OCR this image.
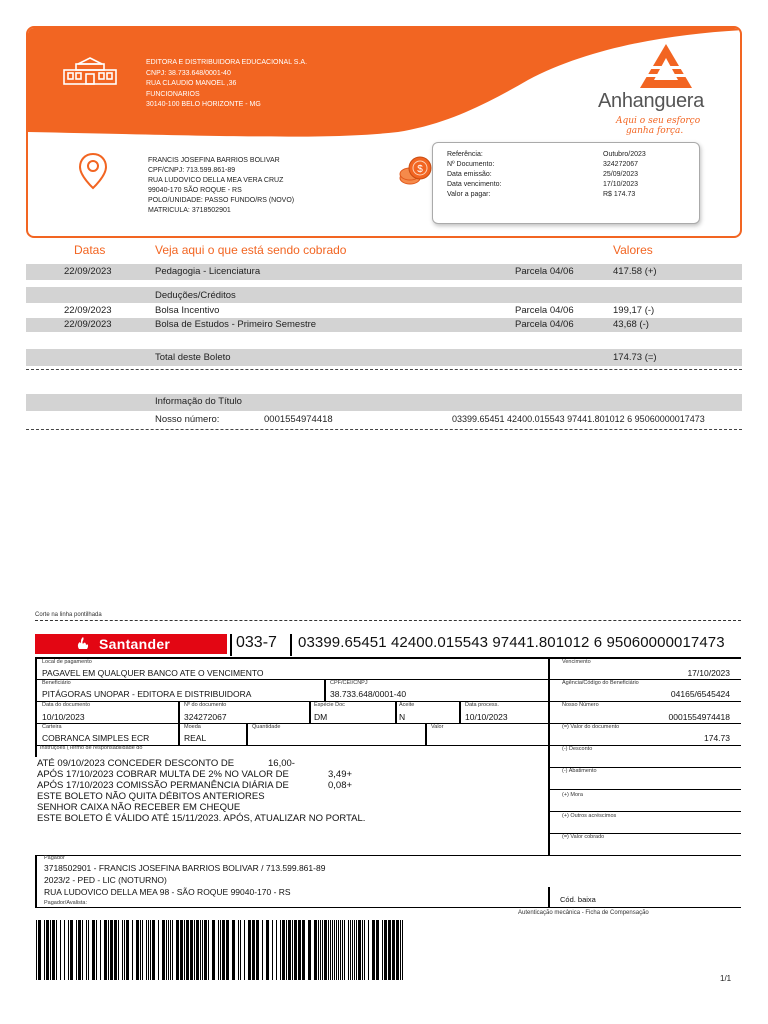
EDITORA E DISTRIBUIDORA EDUCACIONAL S.A.
CNPJ: 38.733.648/0001-40
RUA CLAUDIO MANOEL ,36
FUNCIONARIOS
30140-100 BELO HORIZONTE - MG	Anhanguera
Aqui o seu esforço
ganha força.
FRANCIS JOSEFINA BARRIOS BOLIVAR
CPF/CNPJ: 713.599.861-89
RUA LUDOVICO DELLA MEA VERA CRUZ
99040-170 SÃO ROQUE - RS
POLO/UNIDADE: PASSO FUNDO/RS (NOVO)
MATRICULA: 3718502901
$
Referência:	Outubro/2023
Nº Documento:	324272067
Data emissão:	25/09/2023
Data vencimento:	17/10/2023
Valor a pagar:	R$ 174.73
Datas	Veja aqui o que está sendo cobrado	Valores
22/09/2023	Pedagogia - Licenciatura	Parcela 04/06	417.58 (+)
Deduções/Créditos
22/09/2023	Bolsa Incentivo	Parcela 04/06	199,17 (-)
22/09/2023	Bolsa de Estudos - Primeiro Semestre	Parcela 04/06	43,68 (-)
Total deste Boleto	174.73 (=)
Informação do Título
Nosso número:	0001554974418	03399.65451 42400.015543 97441.801012 6 95060000017473
Corte na linha pontilhada
Santander	033-7 03399.65451 42400.015543 97441.801012 6 95060000017473
Local de pagamento
PAGAVEL EM QUALQUER BANCO ATE O VENCIMENTO
Vencimento
17/10/2023
Beneficiário
PITÁGORAS UNOPAR - EDITORA E DISTRIBUIDORA
CPF/CEI/CNPJ
38.733.648/0001-40
Agência/Código do Beneficiário
04165/6545424
Data do documento
10/10/2023
Nº do documento
324272067
Espécie Doc
DM
Aceite
N
Data process.
10/10/2023
Nosso Número
0001554974418
Carteira
COBRANCA SIMPLES ECR
Moeda
REAL
Quantidade	Valor	(=) Valor do documento
174.73
Instruções (Termo de responsabilidade do
ATÉ 09/10/2023 CONCEDER DESCONTO DE	16,00-
APÓS 17/10/2023 COBRAR MULTA DE 2% NO VALOR DE	3,49+
APÓS 17/10/2023 COMISSÃO PERMANÊNCIA DIÁRIA DE	0,08+
ESTE BOLETO NÃO QUITA DÉBITOS ANTERIORES
SENHOR CAIXA NÃO RECEBER EM CHEQUE
ESTE BOLETO É VÁLIDO ATÉ 15/11/2023. APÓS, ATUALIZAR NO PORTAL.
(-) Desconto
(-) Abatimento
(+) Mora
(+) Outros acréscimos
(=) Valor cobrado
Pagador
3718502901 - FRANCIS JOSEFINA BARRIOS BOLIVAR / 713.599.861-89
2023/2 - PED - LIC (NOTURNO)
RUA LUDOVICO DELLA MEA 98 - SÃO ROQUE 99040-170 - RS
Pagador/Avalista:	Cód. baixa
Autenticação mecânica - Ficha de Compensação
1/1
